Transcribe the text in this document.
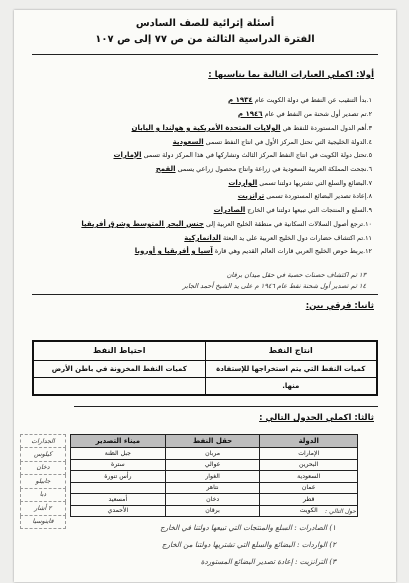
أسئلة إثرائية للصف السادس
الفترة الدراسية الثالثة من ص ٧٧ إلى ص ١٠٧
أولا: اكملي العبارات التالية بما يناسبها :
١.بدأ التنقيب عن النفط في دولة الكويت عام ١٩٣٤ م
٢.تم تصدير أول شحنة من النفط في عام ١٩٤٦ م
٣.أهم الدول المستوردة للنفط هي الولايات المتحدة الأمريكية و هولندا و اليابان
٤.الدولة الخليجية التي تحتل المركز الأول في انتاج النفط تسمى السعودية
٥.تحتل دولة الكويت في انتاج النفط المركز الثالث وتشاركها في هذا المركز دولة تسمى الإمارات
٦.نجحت المملكة العربية السعودية في زراعة وانتاج محصول زراعي يسمى القمح
٧.البضائع والسلع التي تشتريها دولتنا تسمى الواردات
٨.إعادة تصدير البضائع المستوردة تسمى ترانزيت
٩.السلع و المنتجات التي تبيعها دولتنا في الخارج الصادرات
١٠.ترجع أصول السلالات السكانية في منطقة الخليج العربية إلى جنس البحر المتوسط وشرق أفريقيا
١١.تم اكتشاف حضارات دول الخليج العربية على يد البعثة الدانماركية
١٢.يربط حوض الخليج العربي قارات العالم القديم وهي قارة آسيا و أفريقيا و أوروبا
١٣ تم اكتشاف حصنات حصبة في حقل ميدان برقان
١٤ تم تصدير أول شحنة نفط عام ١٩٤٦ م على يد الشيخ أحمد الجابر
ثانيا: فرقي بين:
انتاج النفط	احتياط النفط
كميات النفط التي يتم استخراجها للإستفادة	كميات النفط المخزونة في باطن الأرض
منها.	
ثالثا: اكملي الجدول التالي :
الدولة	حقل النفط	ميناء التصدير
الإمارات	مربان	جبل الظنة
البحرين	عوالي	سترة
السعودية	الغوار	رأس تنورة
عمان	نتاهر	
قطر	دخان	أمسعيد
الكويت	برقان	الأحمدي
الجدارات
كيلوس
دخان
جابيلو
دبا
٢ أشار
فاينوسيا
حول التالي :
١) الصادرات : السلع والمنتجات التي تبيعها دولتنا في الخارج
٢) الواردات : البضائع والسلع التي تشتريها دولتنا من الخارج
٣) الترانزيت : إعادة تصدير البضائع المستوردة
